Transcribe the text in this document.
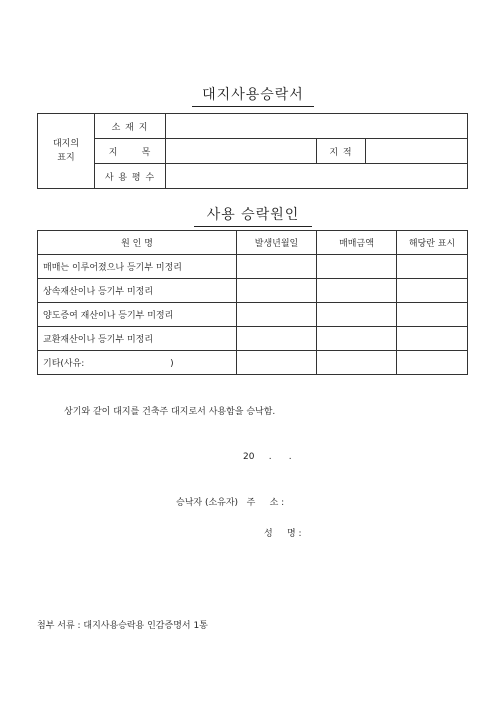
대지사용승락서
대지의
표지	소 재 지			
	지      목		지 적	
	사 용 평 수			
사용 승락원인
원 인 명	발생년월일	매매금액	해당란 표시
매매는 이루어졌으나 등기부 미정리			
상속재산이나 등기부 미정리			
양도증여 재산이나 등기부 미정리			
교환재산이나 등기부 미정리			
기타(사유:                              )			
상기와 같이 대지를 건축주 대지로서 사용함을 승낙함.
20     .      .
승낙자 (소유자)   주     소 :
성     명 :
첨부 서류 : 대지사용승락용 인감증명서 1통
